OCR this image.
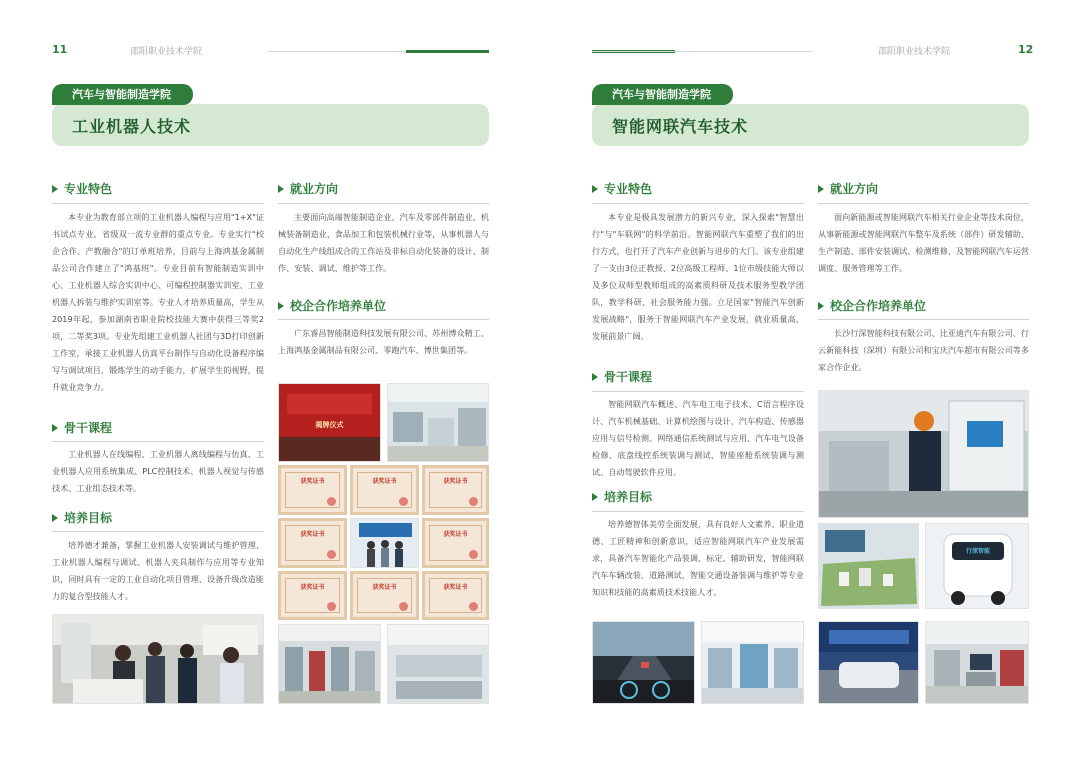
11	邵阳职业技术学院
汽车与智能制造学院
工业机器人技术
专业特色
本专业为教育部立项的工业机器人编程与应用"1+X"证书试点专业，省级双一流专业群的重点专业。专业实行"校企合作、产教融合"的订单班培养，目前与上海鸿基金属制品公司合作建立了"鸿基班"。专业目前有智能制造实训中心、工业机器人综合实训中心、可编程控制器实训室、工业机器人拆装与维护实训室等。专业人才培养质量高，学生从2019年起，参加湖南省职业院校技能大赛中获得三等奖2项，二等奖3项。专业先组建工业机器人社团与3D打印创新工作室，承接工业机器人仿真平台制作与自动化设备程序编写与调试项目，锻炼学生的动手能力，扩展学生的视野，提升就业竞争力。
骨干课程
工业机器人在线编程、工业机器人离线编程与仿真、工业机器人应用系统集成、PLC控制技术、机器人视觉与传感技术、工业组态技术等。
培养目标
培养德才兼备，掌握工业机器人安装调试与维护管理、工业机器人编程与调试、机器人夹具制作与应用等专业知识，同时具有一定的工业自动化项目管理、设备升级改造能力的复合型技能人才。
就业方向
主要面向高端智能制造企业、汽车及零部件制造业、机械装备制造业、食品加工和包装机械行业等，从事机器人与自动化生产线组成合的工作站及非标自动化装备的设计、制作、安装、调试、维护等工作。
校企合作培养单位
广东睿昌智能制造科技发展有限公司、苏州博众精工、上海鸿基金属制品有限公司、零跑汽车、博世集团等。
揭牌仪式
获奖证书	获奖证书	获奖证书
获奖证书	获奖证书
获奖证书	获奖证书	获奖证书
邵阳职业技术学院	12
汽车与智能制造学院
智能网联汽车技术
专业特色
本专业是极具发展潜力的新兴专业，深入探索"智慧出行"与"车联网"的科学前沿。智能网联汽车重塑了我们的出行方式，也打开了汽车产业创新与进步的大门。该专业组建了一支由3位正教授、2位高级工程师、1位市级技能大师以及多位双师型教师组成的高素质科研及技术服务型教学团队，教学科研、社会服务能力强。立足国家"智能汽车创新发展战略"，服务于智能网联汽车产业发展，就业质量高，发展前景广阔。
骨干课程
智能网联汽车概述、汽车电工电子技术、C语言程序设计、汽车机械基础、计算机绘图与设计、汽车构造、传感器应用与信号检测、网络通信系统测试与应用、汽车电气设备检修、底盘线控系统装调与测试、智能座舱系统装调与测试、自动驾驶软件应用。
培养目标
培养德智体美劳全面发展，具有良好人文素养、职业道德、工匠精神和创新意识，适应智能网联汽车产业发展需求，具备汽车智能化产品装调、标定、辅助研发，智能网联汽车车辆改装、道路测试，智能交通设备装调与维护等专业知识和技能的高素质技术技能人才。
就业方向
面向新能源或智能网联汽车相关行业企业等技术岗位，从事新能源或智能网联汽车整车及系统（部件）研发辅助、生产制造、部件安装调试、检测维修、及智能网联汽车运营调度、服务管理等工作。
校企合作培养单位
长沙行深智能科技有限公司、比亚迪汽车有限公司、行云新能科技（深圳）有限公司和宝庆汽车超市有限公司等多家合作企业。
行深智能
